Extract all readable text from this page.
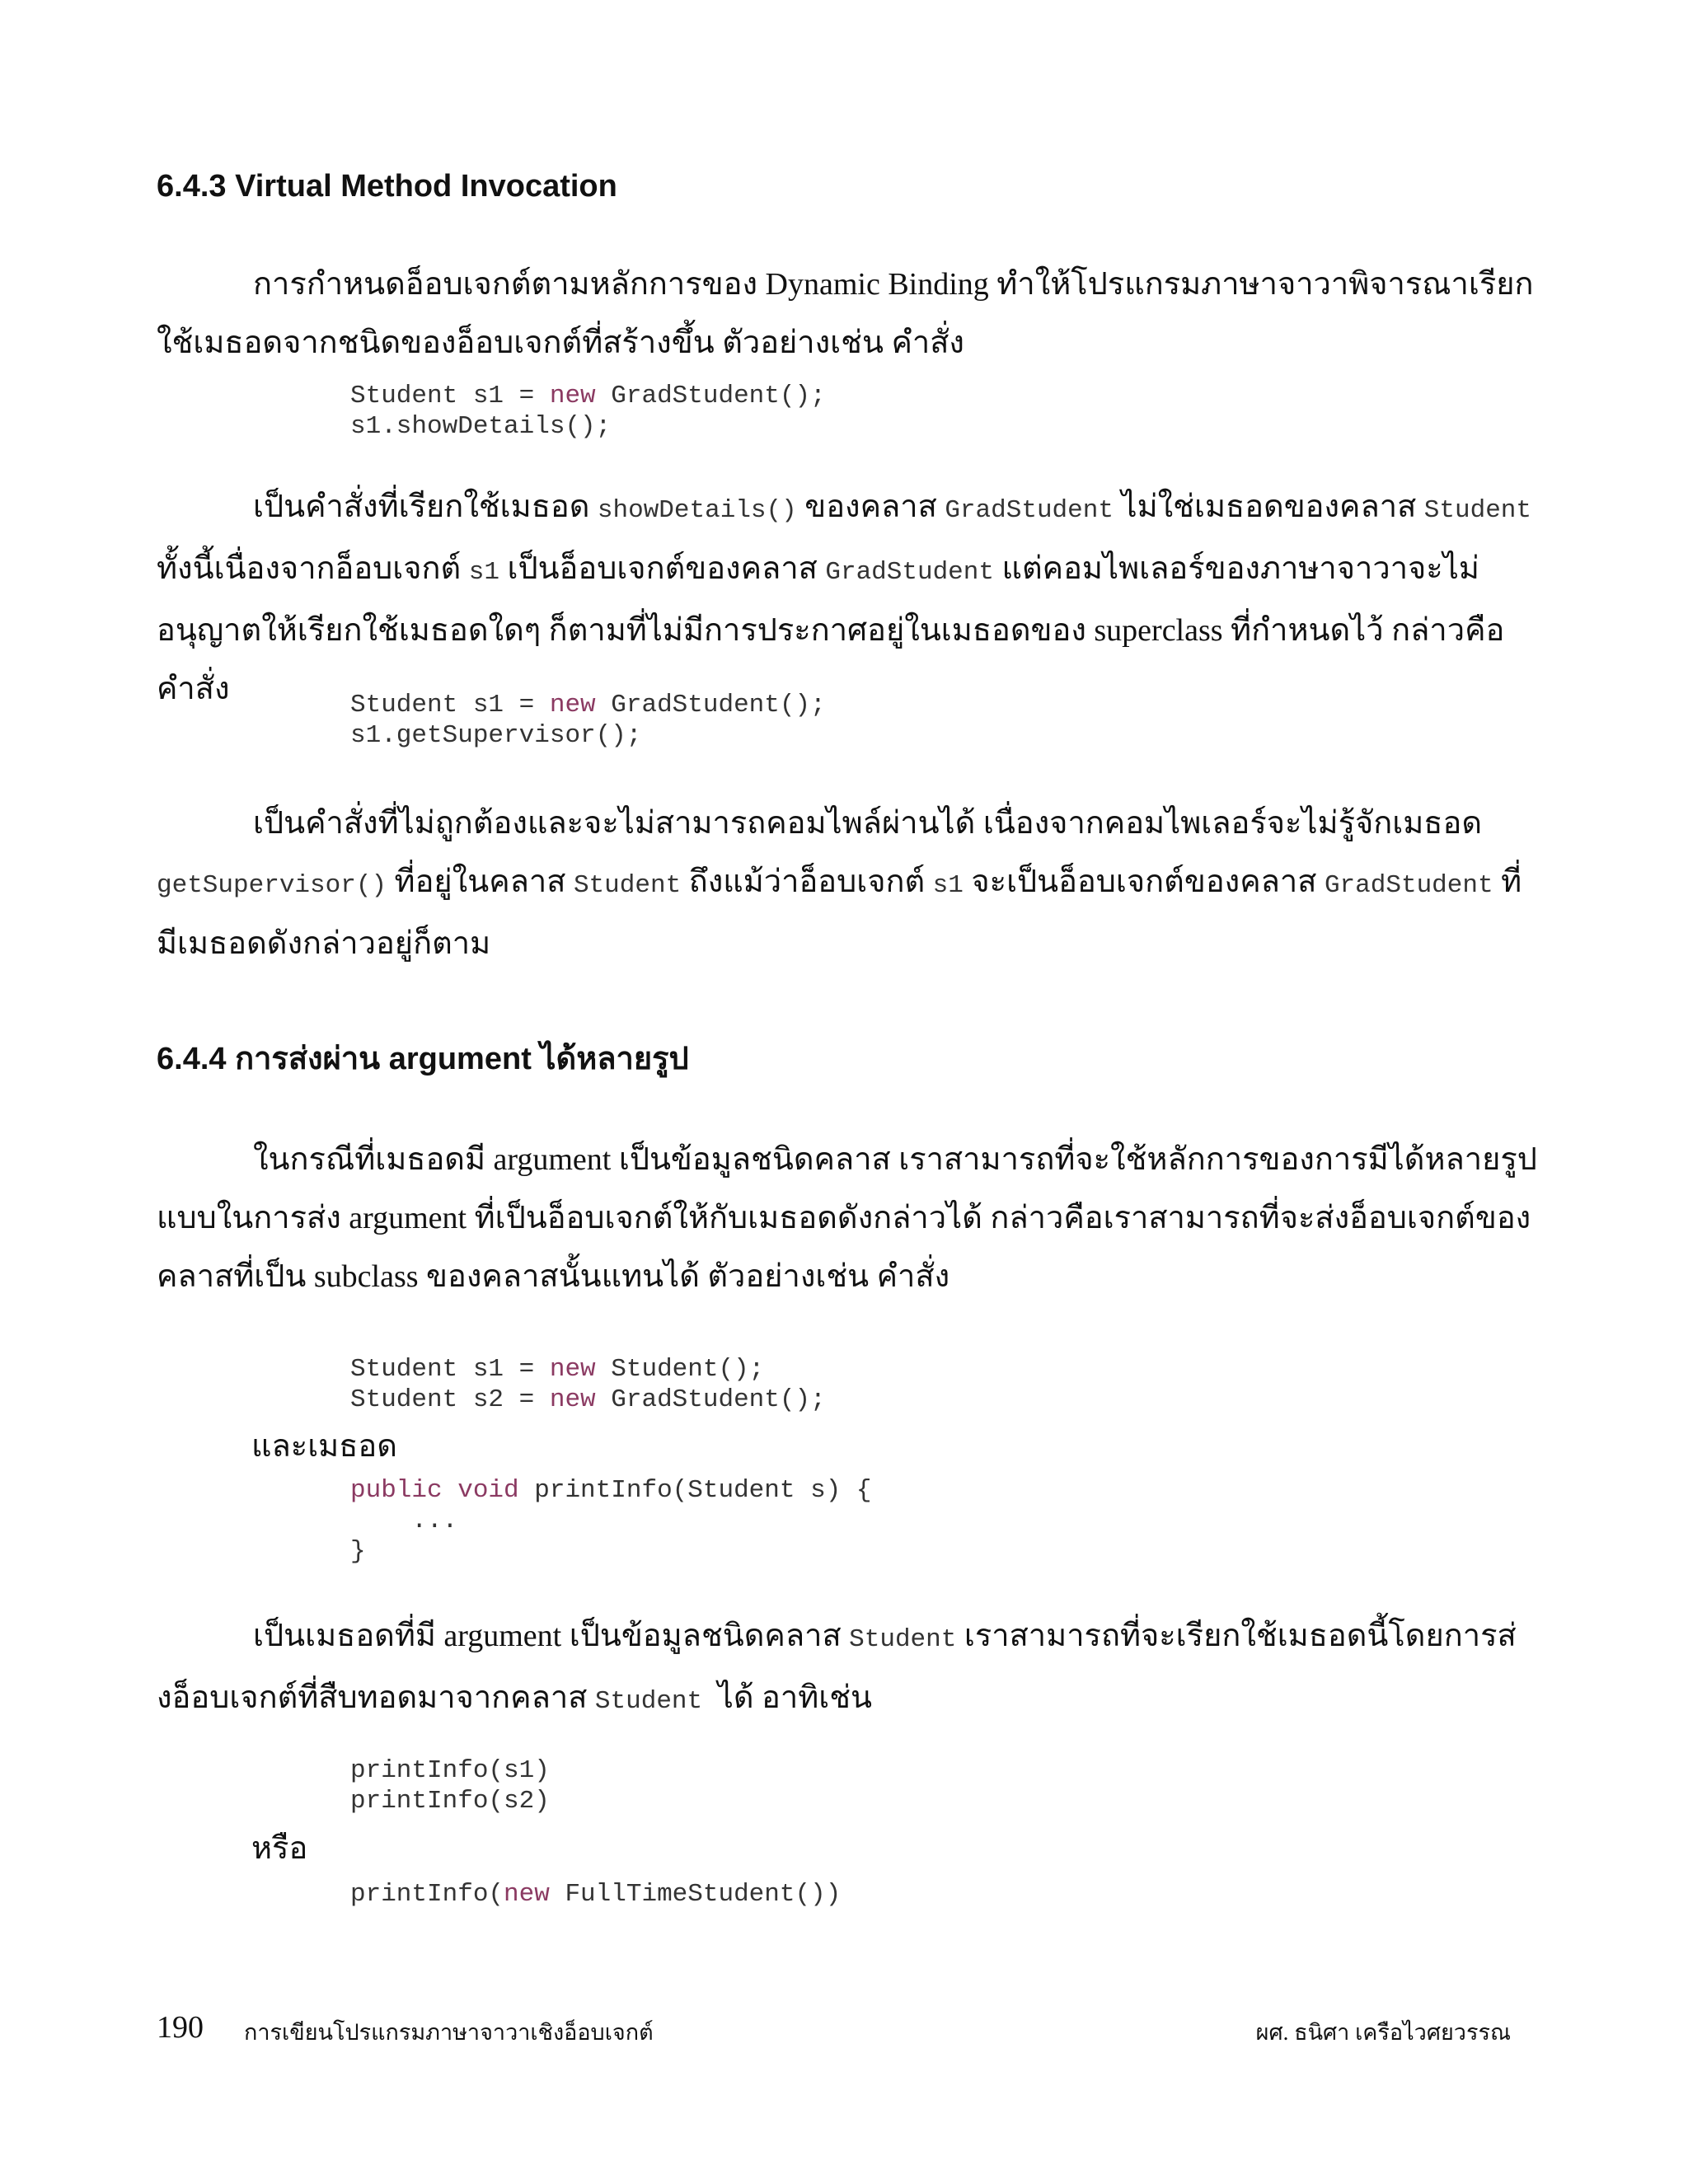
6.4.3 Virtual Method Invocation

การกำหนดอ็อบเจกต์ตามหลักการของ Dynamic Binding ทำให้โปรแกรมภาษาจาวาพิจารณาเรียกใช้เมธอดจากชนิดของอ็อบเจกต์ที่สร้างขึ้น ตัวอย่างเช่น คำสั่ง

Student s1 = new GradStudent();
s1.showDetails();

เป็นคำสั่งที่เรียกใช้เมธอด showDetails() ของคลาส GradStudent ไม่ใช่เมธอดของคลาส Student ทั้งนี้เนื่องจากอ็อบเจกต์ s1 เป็นอ็อบเจกต์ของคลาส GradStudent แต่คอมไพเลอร์ของภาษาจาวาจะไม่อนุญาตให้เรียกใช้เมธอดใดๆ ก็ตามที่ไม่มีการประกาศอยู่ในเมธอดของ superclass ที่กำหนดไว้ กล่าวคือคำสั่ง	Student s1 = new GradStudent();
s1.getSupervisor();

เป็นคำสั่งที่ไม่ถูกต้องและจะไม่สามารถคอมไพล์ผ่านได้ เนื่องจากคอมไพเลอร์จะไม่รู้จักเมธอด getSupervisor() ที่อยู่ในคลาส Student ถึงแม้ว่าอ็อบเจกต์ s1 จะเป็นอ็อบเจกต์ของคลาส GradStudent ที่มีเมธอดดังกล่าวอยู่ก็ตาม

6.4.4 การส่งผ่าน argument ได้หลายรูป

ในกรณีที่เมธอดมี argument เป็นข้อมูลชนิดคลาส เราสามารถที่จะใช้หลักการของการมีได้หลายรูปแบบในการส่ง argument ที่เป็นอ็อบเจกต์ให้กับเมธอดดังกล่าวได้ กล่าวคือเราสามารถที่จะส่งอ็อบเจกต์ของคลาสที่เป็น subclass ของคลาสนั้นแทนได้ ตัวอย่างเช่น คำสั่ง

Student s1 = new Student();
Student s2 = new GradStudent();
และเมธอด
public void printInfo(Student s) {
...
}

เป็นเมธอดที่มี argument เป็นข้อมูลชนิดคลาส Student เราสามารถที่จะเรียกใช้เมธอดนี้โดยการส่งอ็อบเจกต์ที่สืบทอดมาจากคลาส Student ได้ อาทิเช่น

printInfo(s1)
printInfo(s2)
หรือ
printInfo(new FullTimeStudent())
190 การเขียนโปรแกรมภาษาจาวาเชิงอ็อบเจกต์	ผศ. ธนิศา เครือไวศยวรรณ
